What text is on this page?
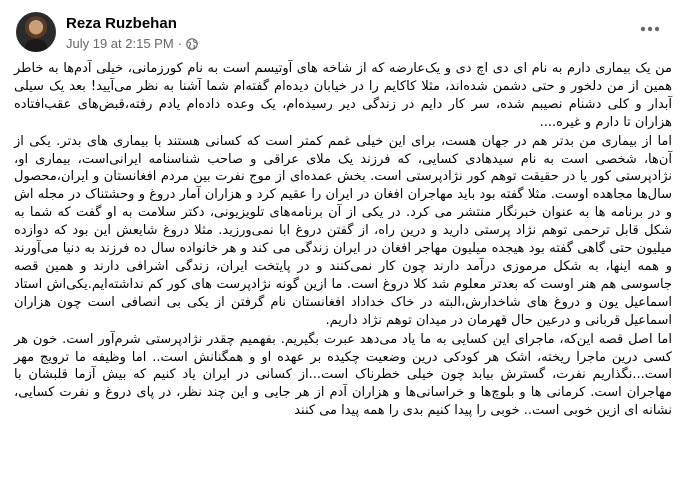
Reza Ruzbehan
July 19 at 2:15 PM ·

من یک بیماری دارم به نام ای دی اچ دی و یک‌عارضه که از شاخه های آوتیسم است به نام کورزمانی، خیلی آدم‌ها به خاطر همین از من دلخور و حتی دشمن شده‌اند، مثلا کاکایم را در خیابان دیده‌ام گفته‌ام شما آشنا به نظر می‌آیید! بعد یک سیلی آبدار و کلی دشنام نصیبم شده، سر کار دایم در زندگی دیر رسیده‌ام، یک وعده داده‌ام یادم رفته،قبض‌های عقب‌افتاده هزاران تا دارم و غیره....

اما از بیماری من بدتر هم در جهان هست، برای این خیلی غمم کمتر است که کسانی هستند با بیماری های بدتر. یکی از آن‌ها، شخصی است به نام سیدهادی کسایی، که فرزند یک ملای عراقی و صاحب شناسنامه ایرانی‌است، بیماری او، نژادپرستی کور یا در حقیقت توهم کور نژادپرستی است. بخش عمده‌ای از موج نفرت بین مردم افغانستان و ایران،محصول سال‌ها مجاهده اوست. مثلا گفته بود باید مهاجران افغان در ایران را عقیم کرد و هزاران آمار دروغ و وحشتناک در مجله اش و در برنامه ها به عنوان خبرنگار منتشر می کرد. در یکی از آن برنامه‌های تلویزیونی، دکتر سلامت به او گفت که شما به شکل قابل ترحمی توهم نژاد پرستی دارید و درین راه، از گفتن دروغ ابا نمی‌ورزید. مثلا دروغ شایعش این بود که دوازده میلیون حتی گاهی گفته بود هیجده میلیون مهاجر افغان در ایران زندگی می کند و هر خانواده سال ده فرزند به دنیا می‌آورند و همه اینها، به شکل مرموزی درآمد دارند چون کار نمی‌کنند و در پایتخت ایران، زندگی اشرافی دارند و همین قصه جاسوسی هم هنر اوست که بعدتر معلوم شد کلا دروغ است. ما ازین گونه نژادپرست های کور کم نداشته‌ایم.یکی‌اش استاد اسماعیل یون و دروغ های شاخدارش،البته در خاک خداداد افغانستان نام گرفتن از یکی بی انصافی است چون هزاران اسماعیل قربانی و درعین حال قهرمان در میدان توهم نژاد داریم.

اما اصل قصه این‌که، ماجرای این کسایی به ما یاد می‌دهد عبرت بگیریم. بفهمیم چقدر نژادپرستی شرم‌آور است. خون هر کسی درین ماجرا ریخته، اشک هر کودکی درین وضعیت چکیده بر عهده او و همگنانش است.. اما وظیفه ما ترویج مهر است...نگذاریم نفرت، گسترش بیابد چون خیلی خطرناک است...از کسانی در ایران یاد کنیم که بیش آزما قلبشان با مهاجران است. کرمانی ها و بلوچ‌ها و خراسانی‌ها و هزاران آدم از هر جایی و این چند نظر، در پای دروغ و نفرت کسایی، نشانه ای ازین خوبی است.. خوبی را پیدا کنیم بدی را همه پیدا می کنند
